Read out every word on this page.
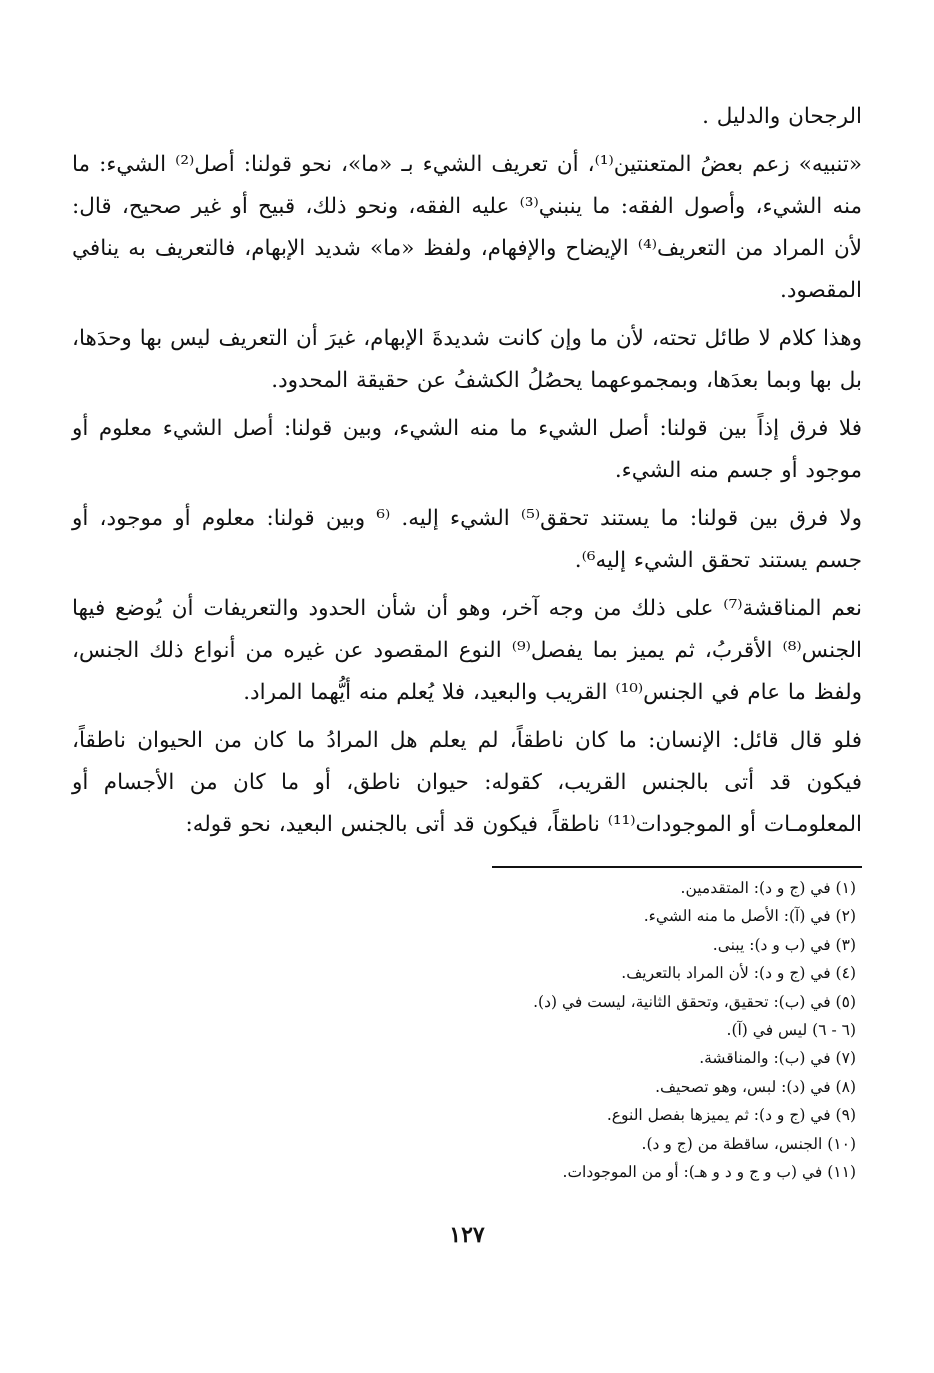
الرجحان والدليل .

«تنبيه» زعم بعضُ المتعنتين⁽¹⁾، أن تعريف الشيء بـ «ما»، نحو قولنا: أصل⁽²⁾ الشيء: ما منه الشيء، وأصول الفقه: ما ينبني⁽³⁾ عليه الفقه، ونحو ذلك، قبيح أو غير صحيح، قال: لأن المراد من التعريف⁽⁴⁾ الإيضاح والإفهام، ولفظ «ما» شديد الإبهام، فالتعريف به ينافي المقصود.

وهذا كلام لا طائل تحته، لأن ما وإن كانت شديدةَ الإبهام، غيرَ أن التعريف ليس بها وحدَها، بل بها وبما بعدَها، وبمجموعهما يحصُلُ الكشفُ عن حقيقة المحدود.

فلا فرق إذاً بين قولنا: أصل الشيء ما منه الشيء، وبين قولنا: أصل الشيء معلوم أو موجود أو جسم منه الشيء.

ولا فرق بين قولنا: ما يستند تحقق⁽⁵⁾ الشيء إليه. ⁽⁶ وبين قولنا: معلوم أو موجود، أو جسم يستند تحقق الشيء إليه⁶⁾.

نعم المناقشة⁽⁷⁾ على ذلك من وجه آخر، وهو أن شأن الحدود والتعريفات أن يُوضع فيها الجنس⁽⁸⁾ الأقربُ، ثم يميز بما يفصل⁽⁹⁾ النوع المقصود عن غيره من أنواع ذلك الجنس، ولفظ ما عام في الجنس⁽¹⁰⁾ القريب والبعيد، فلا يُعلم منه أيُّهما المراد.

فلو قال قائل: الإنسان: ما كان ناطقاً، لم يعلم هل المرادُ ما كان من الحيوان ناطقاً، فيكون قد أتى بالجنس القريب، كقوله: حيوان ناطق، أو ما كان من الأجسام أو المعلومـات أو الموجودات⁽¹¹⁾ ناطقاً، فيكون قد أتى بالجنس البعيد، نحو قوله:

(١) في (ج و د): المتقدمين.
(٢) في (آ): الأصل ما منه الشيء.
(٣) في (ب و د): يبنى.
(٤) في (ج و د): لأن المراد بالتعريف.
(٥) في (ب): تحقيق، وتحقق الثانية، ليست في (د).
(٦ - ٦) ليس في (آ).
(٧) في (ب): والمناقشة.
(٨) في (د): لبس، وهو تصحيف.
(٩) في (ج و د): ثم يميزها بفصل النوع.
(١٠) الجنس، ساقطة من (ج و د).
(١١) في (ب و ج و د و هـ): أو من الموجودات.
١٢٧
